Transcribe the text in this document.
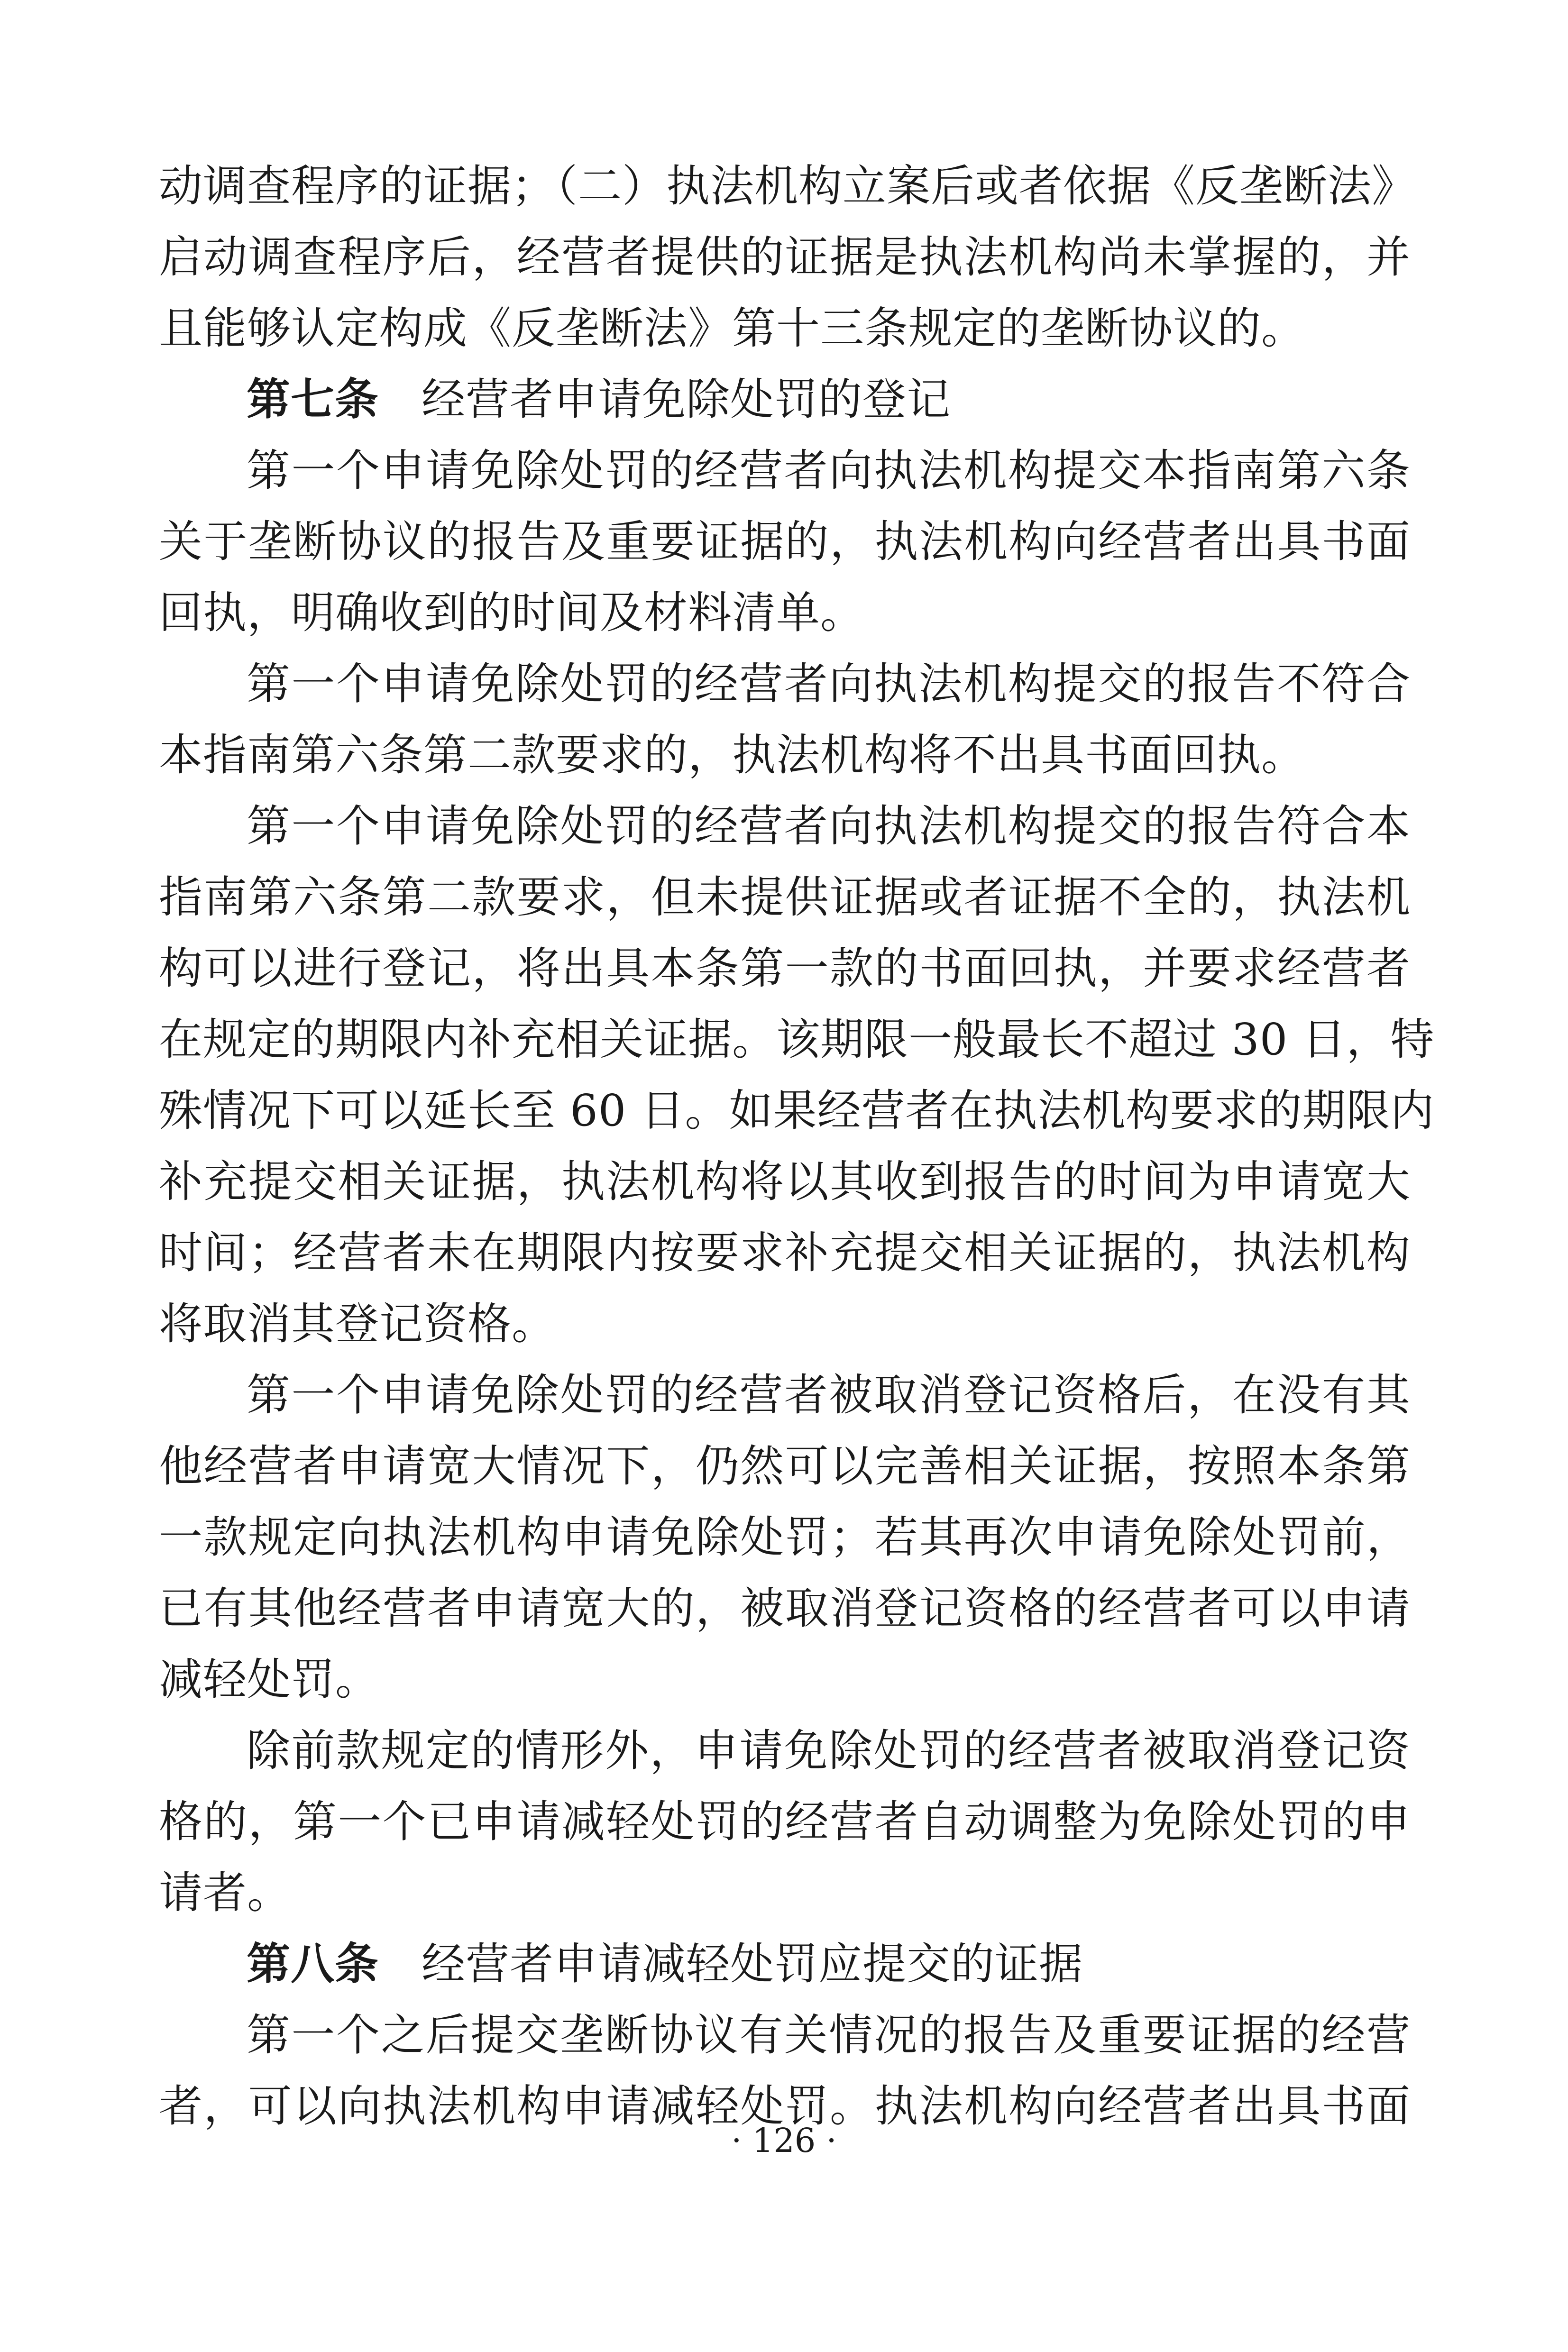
动调查程序的证据；（二）执法机构立案后或者依据《反垄断法》
启动调查程序后，经营者提供的证据是执法机构尚未掌握的，并
且能够认定构成《反垄断法》第十三条规定的垄断协议的。
第七条 经营者申请免除处罚的登记
第一个申请免除处罚的经营者向执法机构提交本指南第六条
关于垄断协议的报告及重要证据的，执法机构向经营者出具书面
回执，明确收到的时间及材料清单。
第一个申请免除处罚的经营者向执法机构提交的报告不符合
本指南第六条第二款要求的，执法机构将不出具书面回执。
第一个申请免除处罚的经营者向执法机构提交的报告符合本
指南第六条第二款要求，但未提供证据或者证据不全的，执法机
构可以进行登记，将出具本条第一款的书面回执，并要求经营者
在规定的期限内补充相关证据。该期限一般最长不超过 30 日，特
殊情况下可以延长至 60 日。如果经营者在执法机构要求的期限内
补充提交相关证据，执法机构将以其收到报告的时间为申请宽大
时间；经营者未在期限内按要求补充提交相关证据的，执法机构
将取消其登记资格。
第一个申请免除处罚的经营者被取消登记资格后，在没有其
他经营者申请宽大情况下，仍然可以完善相关证据，按照本条第
一款规定向执法机构申请免除处罚；若其再次申请免除处罚前，
已有其他经营者申请宽大的，被取消登记资格的经营者可以申请
减轻处罚。
除前款规定的情形外，申请免除处罚的经营者被取消登记资
格的，第一个已申请减轻处罚的经营者自动调整为免除处罚的申
请者。
第八条 经营者申请减轻处罚应提交的证据
第一个之后提交垄断协议有关情况的报告及重要证据的经营
者，可以向执法机构申请减轻处罚。执法机构向经营者出具书面
· 126 ·
